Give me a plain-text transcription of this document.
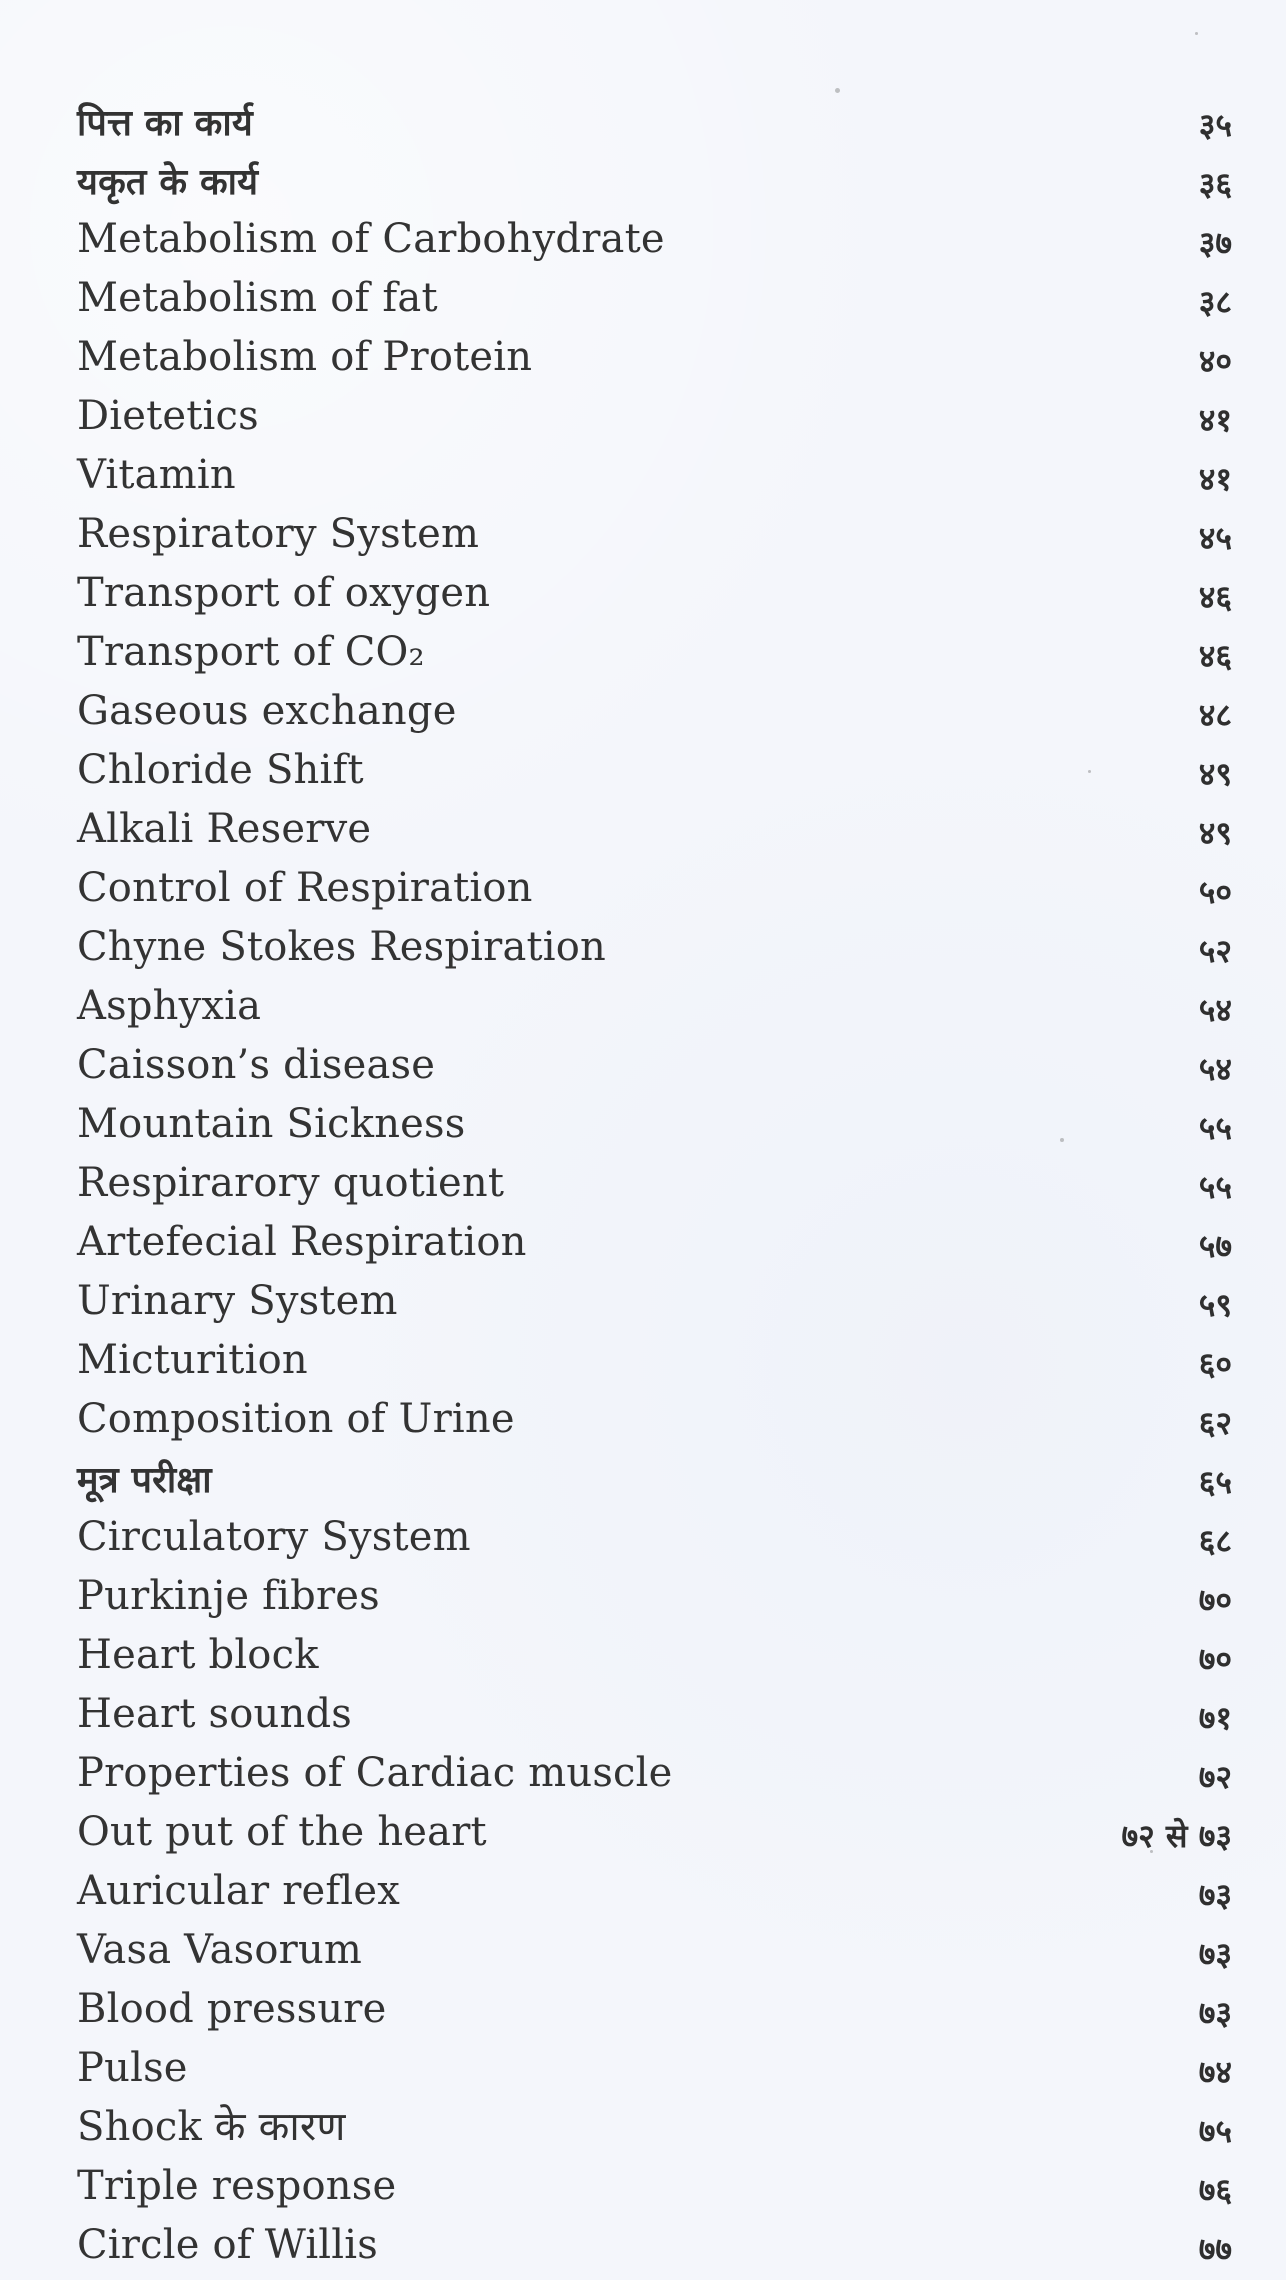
पित्त का कार्य	३५
यकृत के कार्य	३६
Metabolism of Carbohydrate	३७
Metabolism of fat	३८
Metabolism of Protein	४०
Dietetics	४१
Vitamin	४१
Respiratory System	४५
Transport of oxygen	४६
Transport of CO₂	४६
Gaseous exchange	४८
Chloride Shift	४९
Alkali Reserve	४९
Control of Respiration	५०
Chyne Stokes Respiration	५२
Asphyxia	५४
Caisson’s disease	५४
Mountain Sickness	५५
Respirarory quotient	५५
Artefecial Respiration	५७
Urinary System	५९
Micturition	६०
Composition of Urine	६२
मूत्र परीक्षा	६५
Circulatory System	६८
Purkinje fibres	७०
Heart block	७०
Heart sounds	७१
Properties of Cardiac muscle	७२
Out put of the heart	७२ से ७३
Auricular reflex	७३
Vasa Vasorum	७३
Blood pressure	७३
Pulse	७४
Shock के कारण	७५
Triple response	७६
Circle of Willis	७७
